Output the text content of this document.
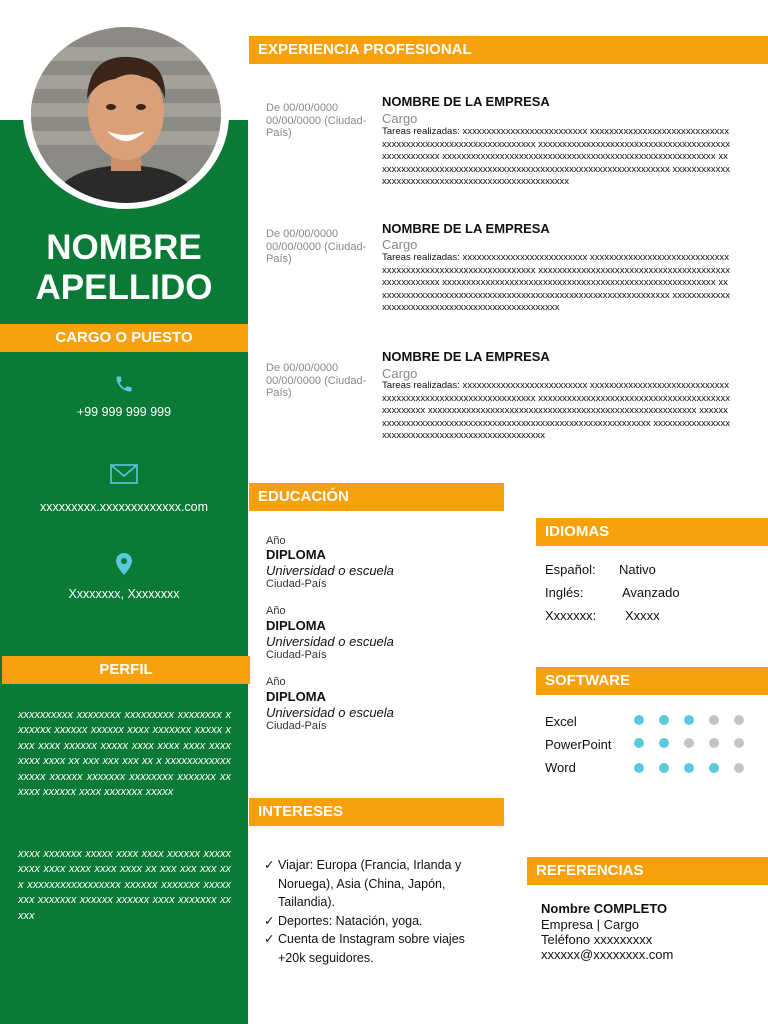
NOMBRE
APELLIDO
CARGO O PUESTO
+99 999 999 999
xxxxxxxxx.xxxxxxxxxxxxx.com
Xxxxxxxx, Xxxxxxxx
PERFIL
xxxxxxxxxx xxxxxxxx xxxxxxxxx xxxxxxxx xxxxxxx xxxxxx xxxxxx xxxx xxxxxxx xxxxx xxxx xxxx xxxxxx xxxxx xxxx xxxx xxxx xxxx xxxx xxxx xx xxx xxx xxx xx x xxxxxxxxxxxxxxxxx xxxxxx xxxxxxx xxxxxxxx xxxxxxx xxxxxx xxxxxx xxxx xxxxxxx xxxxx
xxxx xxxxxxx xxxxx xxxx xxxx xxxxxx xxxxx xxxx xxxx xxxx xxxx xxxx xx xxx xxx xxx xx x xxxxxxxxxxxxxxxxx xxxxxx xxxxxxx xxxxxxxx xxxxxxx xxxxxx xxxxxx xxxx xxxxxxx xxxxx
EXPERIENCIA PROFESIONAL
De 00/00/0000 00/00/0000 (Ciudad-País)
NOMBRE DE LA EMPRESA
Cargo
Tareas realizadas: xxxxxxxxxxxxxxxxxxxxxxxxxx xxxxxxxxxxxxxxxxxxxxxxxxxxxxxxxxxxxxxxxxxxxxxxxxxxxxxxxxxxxxx xxxxxxxxxxxxxxxxxxxxxxxxxxxxxxxxxxxxxxxxxxxxxxxxxxxx xxxxxxxxxxxxxxxxxxxxxxxxxxxxxxxxxxxxxxxxxxxxxxxxxxxxxxxxx xxxxxxxxxxxxxxxxxxxxxxxxxxxxxxxxxxxxxxxxxxxxxxxxxxxxxxxxxxxxxx xxxxxxxxxxxxxxxxxxxxxxxxxxxxxxxxxxxxxxxxxxxxxxxxxxx
De 00/00/0000 00/00/0000 (Ciudad-País)
NOMBRE DE LA EMPRESA
Cargo
Tareas realizadas: xxxxxxxxxxxxxxxxxxxxxxxxxx xxxxxxxxxxxxxxxxxxxxxxxxxxxxxxxxxxxxxxxxxxxxxxxxxxxxxxxxxxxxx xxxxxxxxxxxxxxxxxxxxxxxxxxxxxxxxxxxxxxxxxxxxxxxxxxxx xxxxxxxxxxxxxxxxxxxxxxxxxxxxxxxxxxxxxxxxxxxxxxxxxxxxxxxxx xxxxxxxxxxxxxxxxxxxxxxxxxxxxxxxxxxxxxxxxxxxxxxxxxxxxxxxxxxxxxx xxxxxxxxxxxxxxxxxxxxxxxxxxxxxxxxxxxxxxxxxxxxxxxxx
De 00/00/0000 00/00/0000 (Ciudad-País)
NOMBRE DE LA EMPRESA
Cargo
Tareas realizadas: xxxxxxxxxxxxxxxxxxxxxxxxxx xxxxxxxxxxxxxxxxxxxxxxxxxxxxxxxxxxxxxxxxxxxxxxxxxxxxxxxxxxxxx xxxxxxxxxxxxxxxxxxxxxxxxxxxxxxxxxxxxxxxxxxxxxxxxx xxxxxxxxxxxxxxxxxxxxxxxxxxxxxxxxxxxxxxxxxxxxxxxxxxxxxxxx xxxxxxxxxxxxxxxxxxxxxxxxxxxxxxxxxxxxxxxxxxxxxxxxxxxxxxxxxxxxxx xxxxxxxxxxxxxxxxxxxxxxxxxxxxxxxxxxxxxxxxxxxxxxxxxx
EDUCACIÓN
Año
DIPLOMA
Universidad o escuela
Ciudad-País
Año
DIPLOMA
Universidad o escuela
Ciudad-País
Año
DIPLOMA
Universidad o escuela
Ciudad-País
IDIOMAS
Español: Nativo
Inglés:	Avanzado
Xxxxxxx: Xxxxx
SOFTWARE
Excel
PowerPoint
Word
INTERESES
✓ Viajar: Europa (Francia, Irlanda y Noruega), Asia (China, Japón, Tailandia).
✓ Deportes: Natación, yoga.
✓ Cuenta de Instagram sobre viajes +20k seguidores.
REFERENCIAS
Nombre COMPLETO
Empresa | Cargo
Teléfono xxxxxxxxx
xxxxxx@xxxxxxxx.com
